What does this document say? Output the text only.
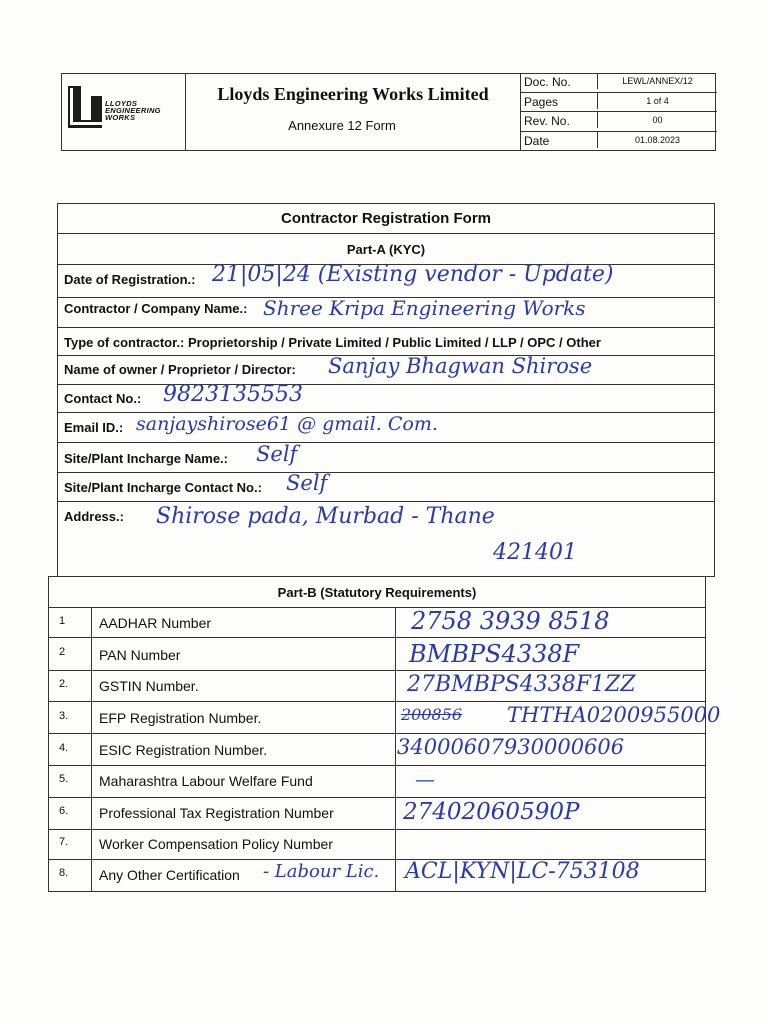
LLOYDS
ENGINEERING
WORKS
Lloyds Engineering Works Limited
Annexure 12 Form
Doc. No.	LEWL/ANNEX/12
Pages	1 of 4
Rev. No.	00
Date	01.08.2023
Contractor Registration Form
Part-A (KYC)
Date of Registration.: 21|05|24 (Existing vendor - Update)
Contractor / Company Name.: Shree Kripa Engineering Works
Type of contractor.: Proprietorship / Private Limited / Public Limited / LLP / OPC / Other
Name of owner / Proprietor / Director: Sanjay Bhagwan Shirose
Contact No.: 9823135553
Email ID.: sanjayshirose61 @ gmail. Com.
Site/Plant Incharge Name.: Self
Site/Plant Incharge Contact No.: Self
Address.: Shirose pada, Murbad - Thane
421401
Part-B (Statutory Requirements)
1 AADHAR Number	2758 3939 8518
2 PAN Number	BMBPS4338F
2. GSTIN Number.	27BMBPS4338F1ZZ
3. EFP Registration Number.	200856 THTHA0200955000
4. ESIC Registration Number.	34000607930000606
5. Maharashtra Labour Welfare Fund	—
6. Professional Tax Registration Number	27402060590P
7. Worker Compensation Policy Number
8. Any Other Certification - Labour Lic. ACL|KYN|LC-753108
